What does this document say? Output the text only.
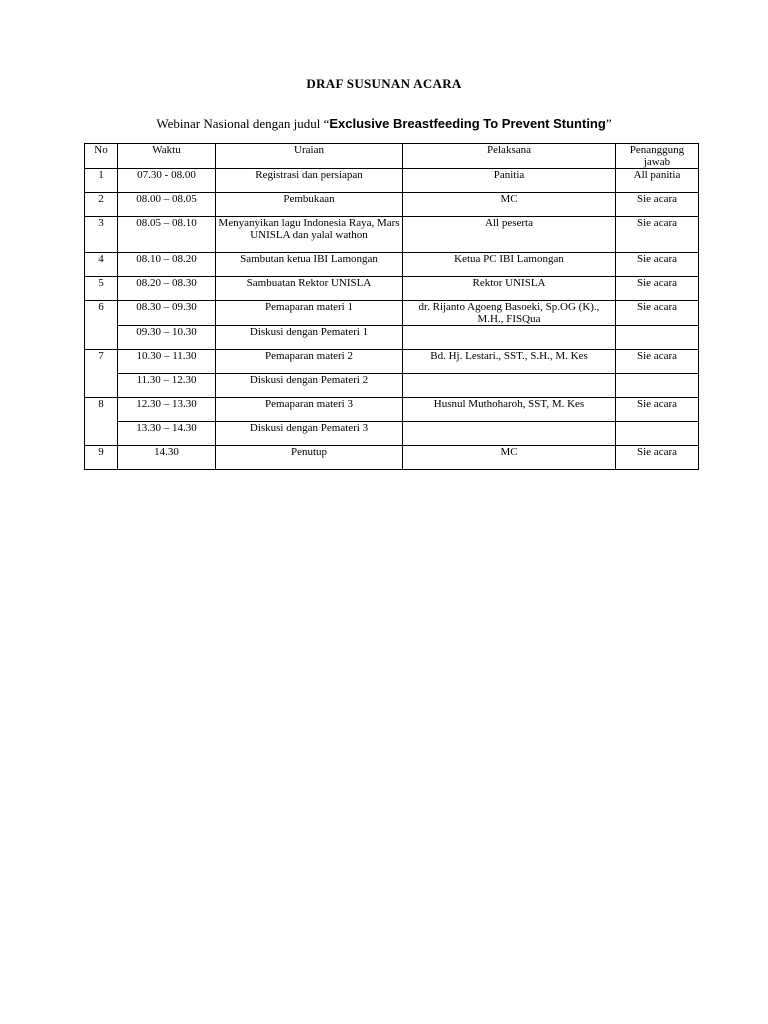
DRAF SUSUNAN ACARA
Webinar Nasional dengan judul “Exclusive Breastfeeding To Prevent Stunting”
No	Waktu	Uraian	Pelaksana	Penanggung jawab
1	07.30 - 08.00	Registrasi dan persiapan	Panitia	All panitia
2	08.00 – 08.05	Pembukaan	MC	Sie acara
3	08.05 – 08.10	Menyanyikan lagu Indonesia Raya, Mars UNISLA dan yalal wathon	All peserta	Sie acara
4	08.10 – 08.20	Sambutan ketua IBI Lamongan	Ketua PC IBI Lamongan	Sie acara
5	08.20 – 08.30	Sambuatan Rektor UNISLA	Rektor UNISLA	Sie acara
6	08.30 – 09.30	Pemaparan materi 1	dr. Rijanto Agoeng Basoeki, Sp.OG (K)., M.H., FISQua	Sie acara
	09.30 – 10.30	Diskusi dengan Pemateri 1		
7	10.30 – 11.30	Pemaparan materi 2	Bd. Hj. Lestari., SST., S.H., M. Kes	Sie acara
	11.30 – 12.30	Diskusi dengan Pemateri 2		
8	12.30 – 13.30	Pemaparan materi 3	Husnul Muthoharoh, SST, M. Kes	Sie acara
	13.30 – 14.30	Diskusi dengan Pemateri 3		
9	14.30	Penutup	MC	Sie acara
